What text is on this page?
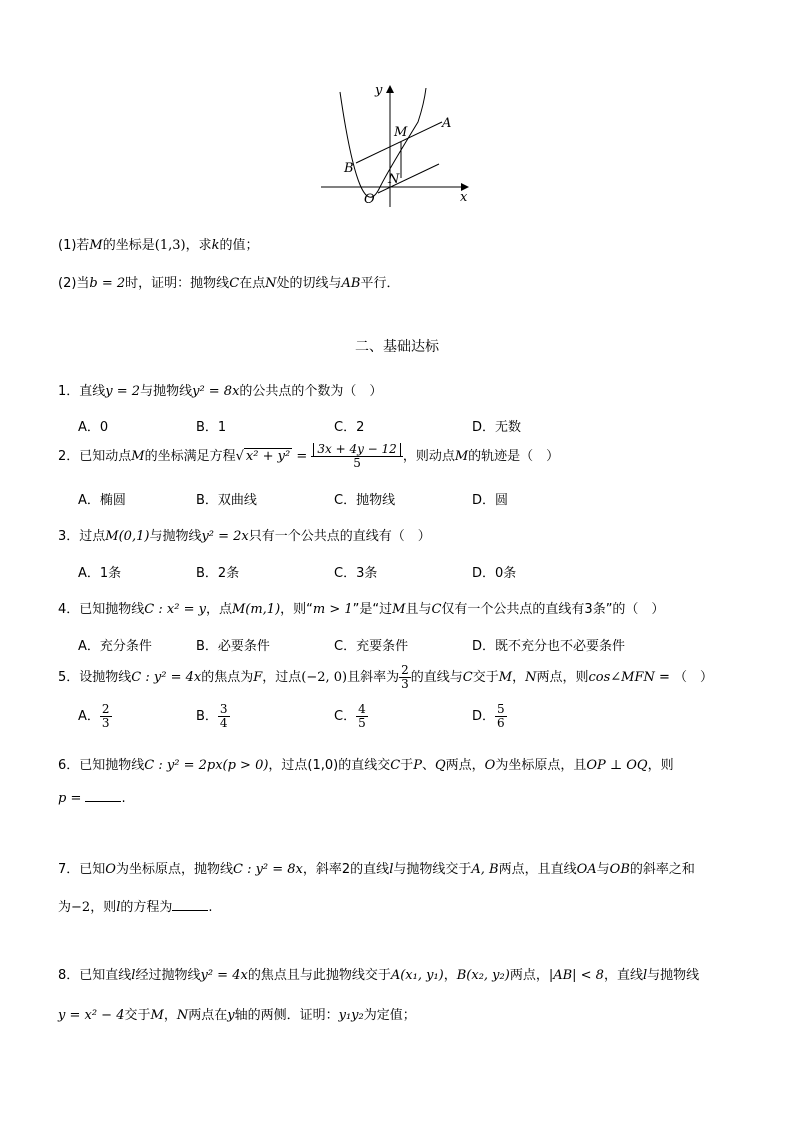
y
x
O
A
B
M
N
(1)若M的坐标是(1,3)，求k的值；
(2)当b = 2时，证明：抛物线C在点N处的切线与AB平行．
二、基础达标
1．直线y = 2与抛物线y² = 8x的公共点的个数为（　）
A．0	B．1	C．2	D．无数
2．已知动点M的坐标满足方程√ $x^2 + y^2 = \frac{3x + 4y - 12}{5}$ ，则动点M的轨迹是（　）
A．椭圆	B．双曲线	C．抛物线	D．圆
3．过点M(0,1)与抛物线y² = 2x只有一个公共点的直线有（　）
A．1条	B．2条	C．3条	D．0条
4．已知抛物线C : x² = y，点M(m,1)，则“m > 1”是“过M且与C仅有一个公共点的直线有3条”的（　）
A．充分条件	B．必要条件	C．充要条件	D．既不充分也不必要条件
5．设抛物线C : y² = 4x的焦点为F，过点(−2, 0)且斜率为 $\frac{2}{3}$ 的直线与C交于M，N两点，则cos∠MFN = （　）
A． $\frac{2}{3}$	B． $\frac{3}{4}$	C． $\frac{4}{5}$	D． $\frac{5}{6}$
6．已知抛物线C : y² = 2px(p > 0)，过点(1,0)的直线交C于P、Q两点，O为坐标原点，且OP ⊥ OQ，则
p =	.
7．已知O为坐标原点，抛物线C : y² = 8x，斜率2的直线l与抛物线交于A, B两点，且直线OA与OB的斜率之和
为−2，则l的方程为	.
8．已知直线l经过抛物线y² = 4x的焦点且与此抛物线交于A(x₁, y₁)，B(x₂, y₂)两点，|AB| < 8，直线l与抛物线
y = x² − 4交于M，N两点在y轴的两侧．证明：y₁y₂为定值；
